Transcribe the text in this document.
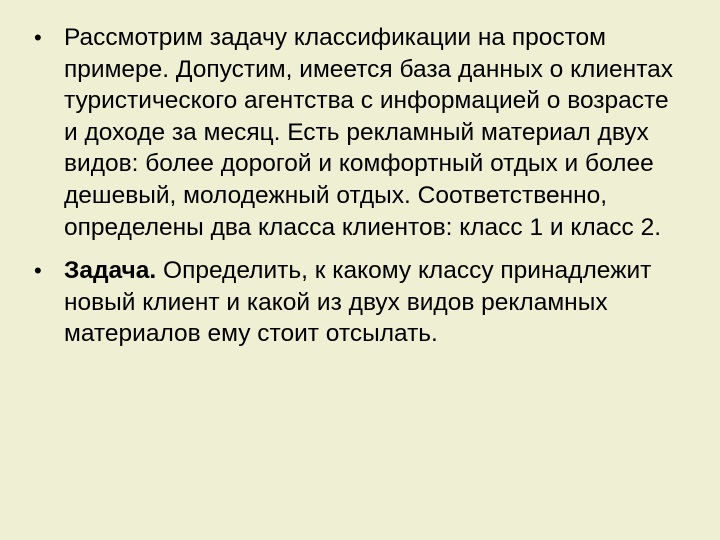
• Рассмотрим задачу классификации на простом примере. Допустим, имеется база данных о клиентах туристического агентства с информацией о возрасте и доходе за месяц. Есть рекламный материал двух видов: более дорогой и комфортный отдых и более дешевый, молодежный отдых. Соответственно, определены два класса клиентов: класс 1 и класс 2.
• Задача. Определить, к какому классу принадлежит новый клиент и какой из двух видов рекламных материалов ему стоит отсылать.
